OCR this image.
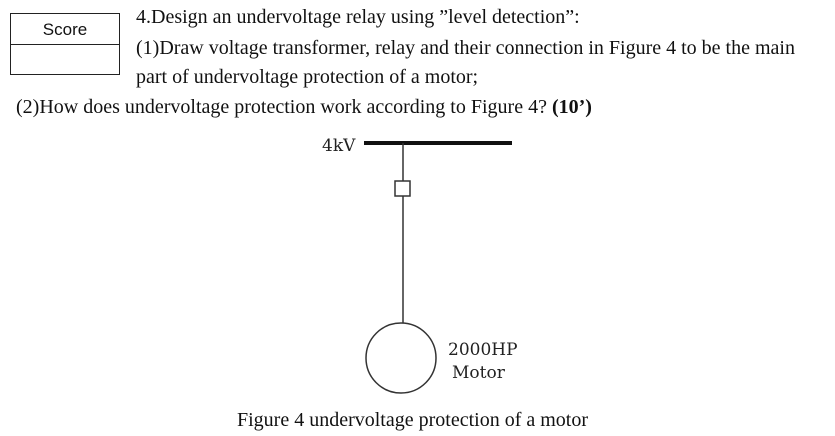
Score
4.Design an undervoltage relay using ”level detection”:
(1)Draw voltage transformer, relay and their connection in Figure 4 to be the main
part of undervoltage protection of a motor;
(2)How does undervoltage protection work according to Figure 4? (10’)
4kV
2000HP
Motor
Figure 4 undervoltage protection of a motor
